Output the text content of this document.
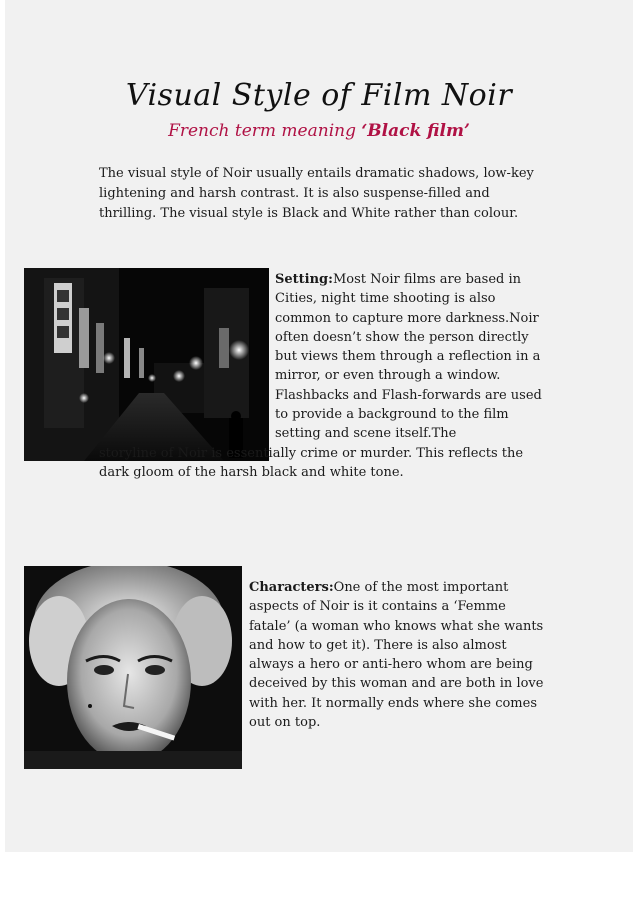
Visual Style of Film Noir
French term meaning ‘Black film’

The visual style of Noir usually entails dramatic shadows, low-key lightening and harsh contrast. It is also suspense-filled and thrilling. The visual style is Black and White rather than colour.

Setting:Most Noir films are based in Cities, night time shooting is also common to capture more darkness.Noir often doesn’t show the person directly but views them through a reflection in a mirror, or even through a window. Flashbacks and Flash-forwards are used to provide a background to the film setting and scene itself.The

storyline of Noir is essentially crime or murder. This reflects the dark gloom of the harsh black and white tone.

Characters:One of the most important aspects of Noir is it contains a ‘Femme fatale’ (a woman who knows what she wants and how to get it). There is also almost always a hero or anti-hero whom are being deceived by this woman and are both in love with her. It normally ends where she comes out on top.
